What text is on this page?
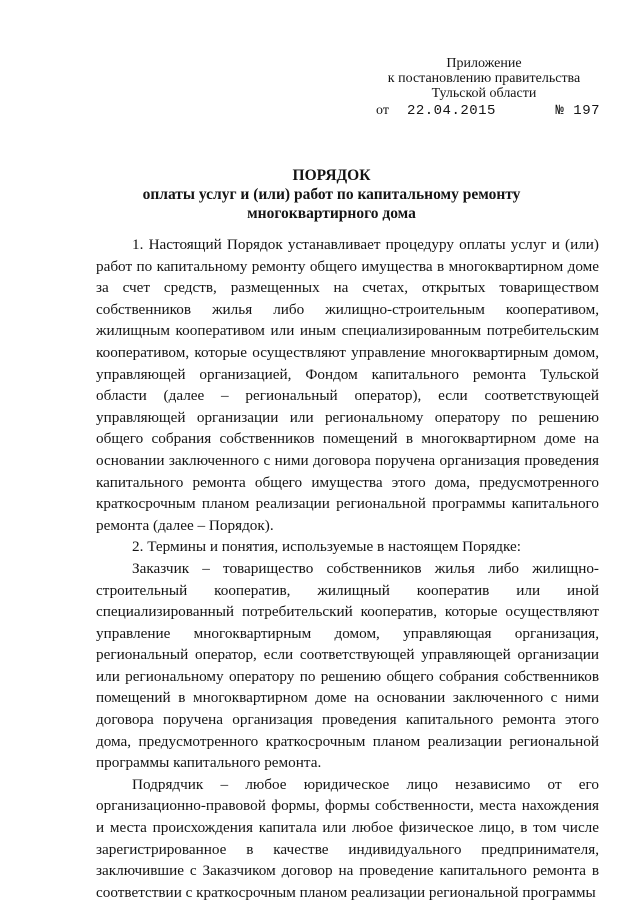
Приложение
к постановлению правительства
Тульской области
от 22.04.2015	№ 197
ПОРЯДОК
оплаты услуг и (или) работ по капитальному ремонту
многоквартирного дома

1. Настоящий Порядок устанавливает процедуру оплаты услуг и (или) работ по капитальному ремонту общего имущества в многоквартирном доме за счет средств, размещенных на счетах, открытых товариществом собственников жилья либо жилищно-строительным кооперативом, жилищным кооперативом или иным специализированным потребительским кооперативом, которые осуществляют управление многоквартирным домом, управляющей организацией, Фондом капитального ремонта Тульской области (далее – региональный оператор), если соответствующей управляющей организации или региональному оператору по решению общего собрания собственников помещений в многоквартирном доме на основании заключенного с ними договора поручена организация проведения капитального ремонта общего имущества этого дома, предусмотренного краткосрочным планом реализации региональной программы капитального ремонта (далее – Порядок).

2. Термины и понятия, используемые в настоящем Порядке:

Заказчик – товарищество собственников жилья либо жилищно-строительный кооператив, жилищный кооператив или иной специализированный потребительский кооператив, которые осуществляют управление многоквартирным домом, управляющая организация, региональный оператор, если соответствующей управляющей организации или региональному оператору по решению общего собрания собственников помещений в многоквартирном доме на основании заключенного с ними договора поручена организация проведения капитального ремонта этого дома, предусмотренного краткосрочным планом реализации региональной программы капитального ремонта.

Подрядчик – любое юридическое лицо независимо от его организационно-правовой формы, формы собственности, места нахождения и места происхождения капитала или любое физическое лицо, в том числе зарегистрированное в качестве индивидуального предпринимателя, заключившие с Заказчиком договор на проведение капитального ремонта в соответствии с краткосрочным планом реализации региональной программы
